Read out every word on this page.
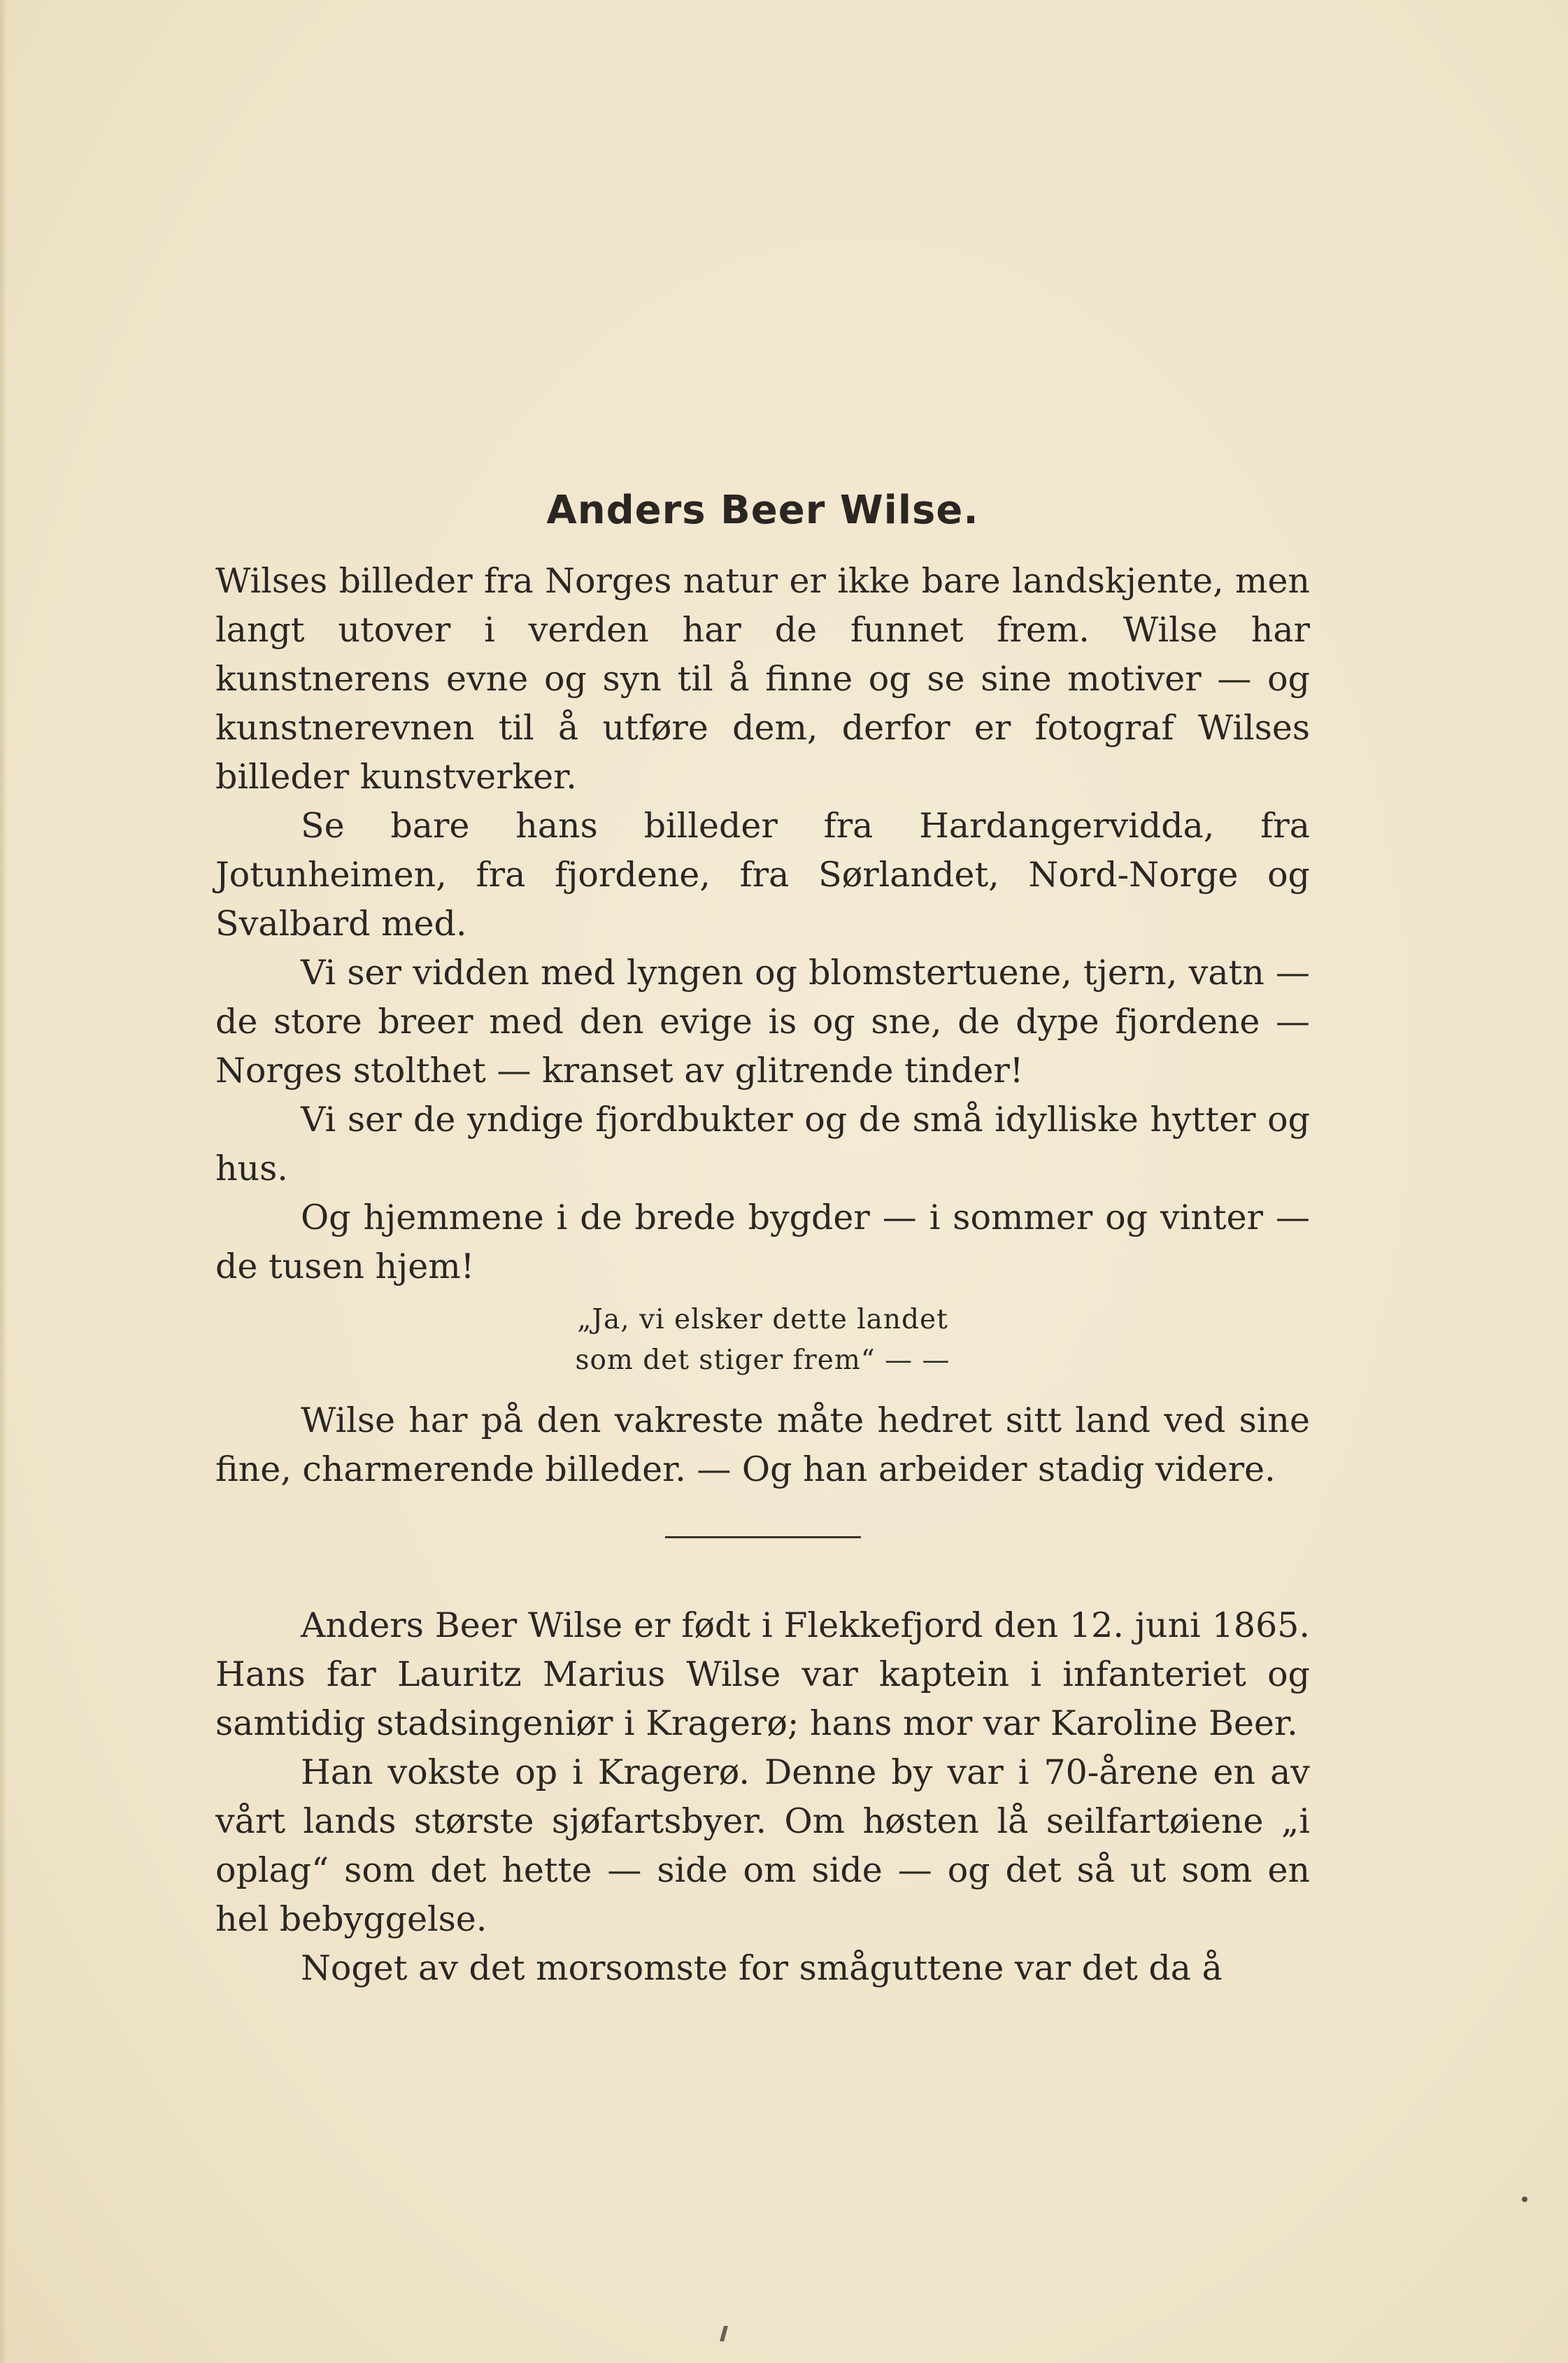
Anders Beer Wilse.

Wilses billeder fra Norges natur er ikke bare landskjente, men langt utover i verden har de funnet frem. Wilse har kunstnerens evne og syn til å finne og se sine motiver — og kunstnerevnen til å utføre dem, derfor er fotograf Wilses billeder kunstverker.

Se bare hans billeder fra Hardangervidda, fra Jotunheimen, fra fjordene, fra Sørlandet, Nord-Norge og Svalbard med.

Vi ser vidden med lyngen og blomstertuene, tjern, vatn — de store breer med den evige is og sne, de dype fjordene — Norges stolthet — kranset av glitrende tinder!

Vi ser de yndige fjordbukter og de små idylliske hytter og hus.

Og hjemmene i de brede bygder — i sommer og vinter — de tusen hjem!

„Ja, vi elsker dette landet
som det stiger frem“ — —

Wilse har på den vakreste måte hedret sitt land ved sine fine, charmerende billeder. — Og han arbeider stadig videre.

Anders Beer Wilse er født i Flekkefjord den 12. juni 1865. Hans far Lauritz Marius Wilse var kaptein i infanteriet og samtidig stadsingeniør i Kragerø; hans mor var Karoline Beer.

Han vokste op i Kragerø. Denne by var i 70-årene en av vårt lands største sjøfartsbyer. Om høsten lå seilfartøiene „i oplag“ som det hette — side om side — og det så ut som en hel bebyggelse.

Noget av det morsomste for småguttene var det da å
